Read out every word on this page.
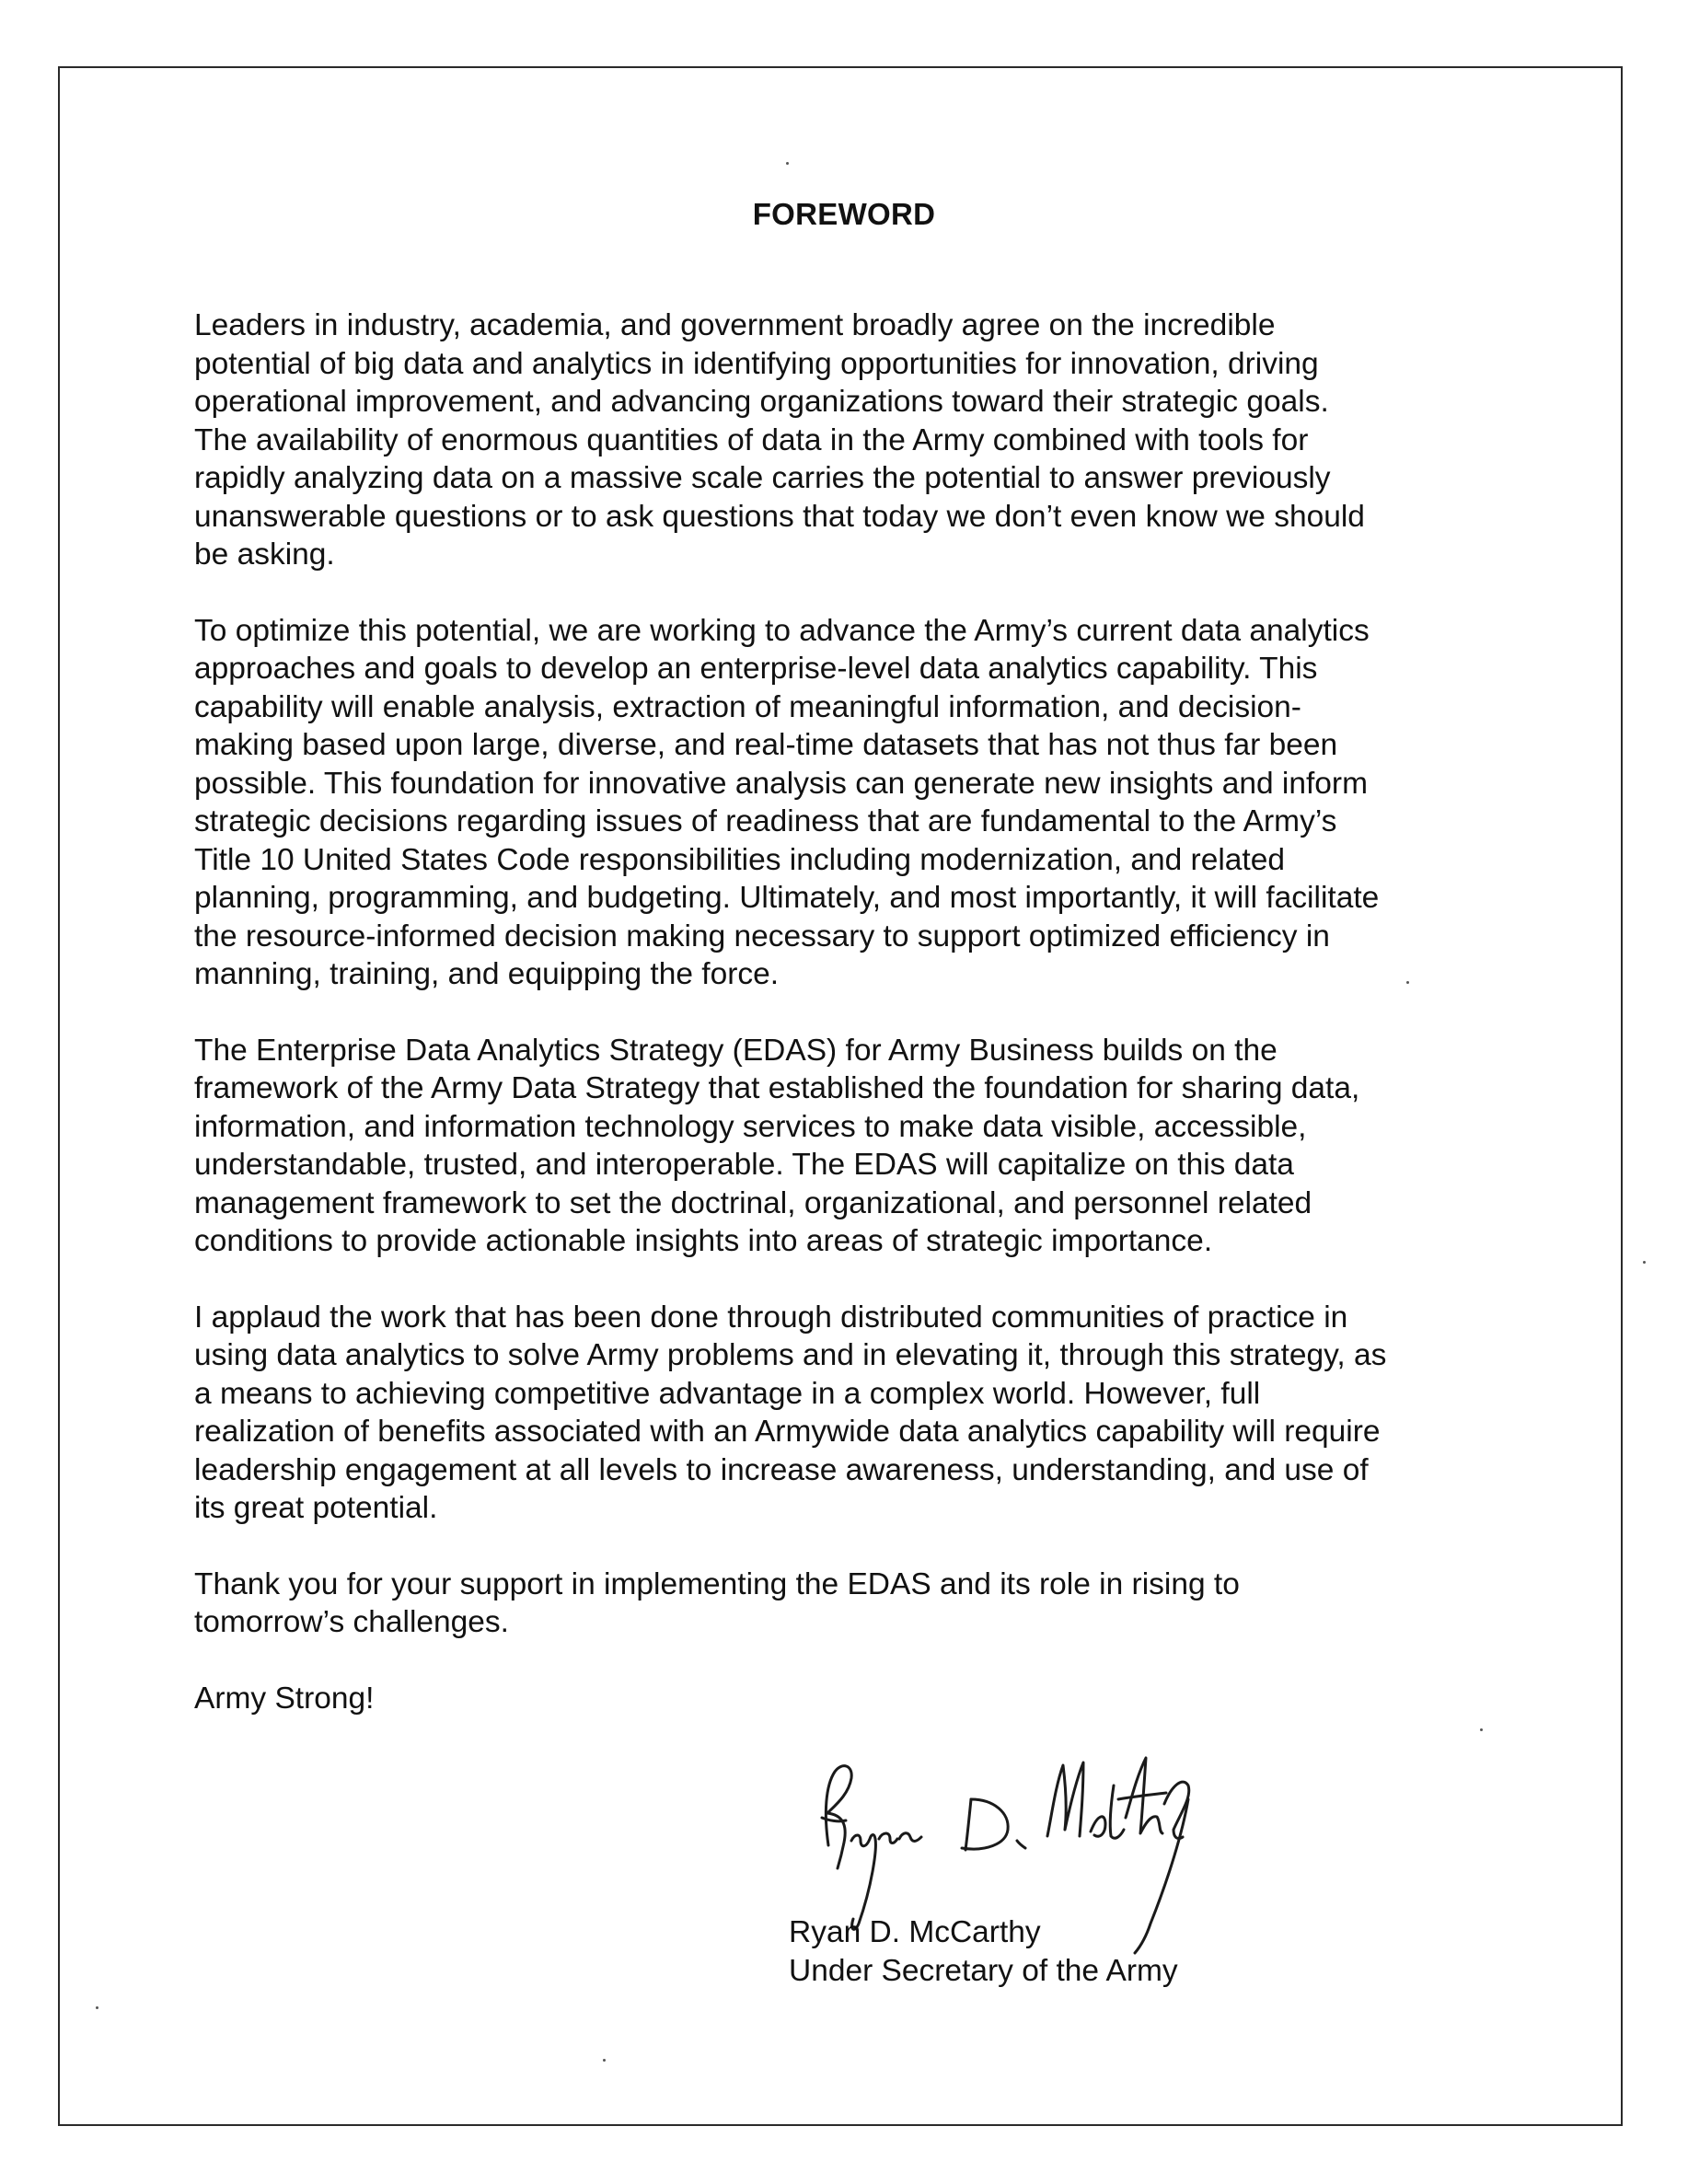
FOREWORD

Leaders in industry, academia, and government broadly agree on the incredible
potential of big data and analytics in identifying opportunities for innovation, driving
operational improvement, and advancing organizations toward their strategic goals.
The availability of enormous quantities of data in the Army combined with tools for
rapidly analyzing data on a massive scale carries the potential to answer previously
unanswerable questions or to ask questions that today we don’t even know we should
be asking.

To optimize this potential, we are working to advance the Army’s current data analytics
approaches and goals to develop an enterprise-level data analytics capability. This
capability will enable analysis, extraction of meaningful information, and decision-
making based upon large, diverse, and real-time datasets that has not thus far been
possible. This foundation for innovative analysis can generate new insights and inform
strategic decisions regarding issues of readiness that are fundamental to the Army’s
Title 10 United States Code responsibilities including modernization, and related
planning, programming, and budgeting. Ultimately, and most importantly, it will facilitate
the resource-informed decision making necessary to support optimized efficiency in
manning, training, and equipping the force.

The Enterprise Data Analytics Strategy (EDAS) for Army Business builds on the
framework of the Army Data Strategy that established the foundation for sharing data,
information, and information technology services to make data visible, accessible,
understandable, trusted, and interoperable. The EDAS will capitalize on this data
management framework to set the doctrinal, organizational, and personnel related
conditions to provide actionable insights into areas of strategic importance.

I applaud the work that has been done through distributed communities of practice in
using data analytics to solve Army problems and in elevating it, through this strategy, as
a means to achieving competitive advantage in a complex world. However, full
realization of benefits associated with an Armywide data analytics capability will require
leadership engagement at all levels to increase awareness, understanding, and use of
its great potential.

Thank you for your support in implementing the EDAS and its role in rising to
tomorrow’s challenges.

Army Strong!

Ryan D. McCarthy
Under Secretary of the Army
